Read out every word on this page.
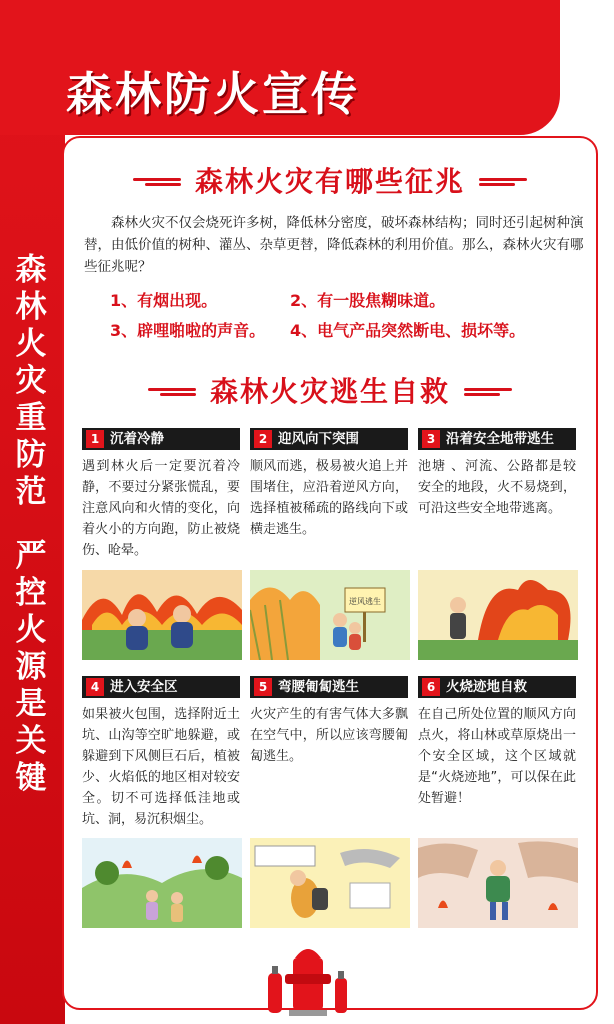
森林防火宣传
森林火灾重防范
严控火源是关键
森林火灾有哪些征兆
森林火灾不仅会烧死许多树，降低林分密度，破坏森林结构；同时还引起树种演替，由低价值的树种、灌丛、杂草更替，降低森林的利用价值。那么，森林火灾有哪些征兆呢？
1、有烟出现。	2、有一股焦糊味道。
3、辟哩啪啦的声音。	4、电气产品突然断电、损坏等。
森林火灾逃生自救
1 沉着冷静
遇到林火后一定要沉着冷静，不要过分紧张慌乱，要注意风向和火情的变化，向着火小的方向跑，防止被烧伤、呛晕。
2 迎风向下突围
顺风而逃，极易被火追上并围堵住，应沿着逆风方向，选择植被稀疏的路线向下或横走逃生。
3 沿着安全地带逃生
池塘 、河流、公路都是较安全的地段，火不易烧到，可沿这些安全地带逃离。
逆风逃生
4 进入安全区
如果被火包围，选择附近土坑、山沟等空旷地躲避，或躲避到下风侧巨石后，植被少、火焰低的地区相对较安全。切不可选择低洼地或坑、洞，易沉积烟尘。
5 弯腰匍匐逃生
火灾产生的有害气体大多飘在空气中，所以应该弯腰匍匐逃生。
6 火烧迹地自救
在自己所处位置的顺风方向点火，将山林或草原烧出一个安全区域，这个区域就是“火烧迹地”，可以保在此处暂避！
